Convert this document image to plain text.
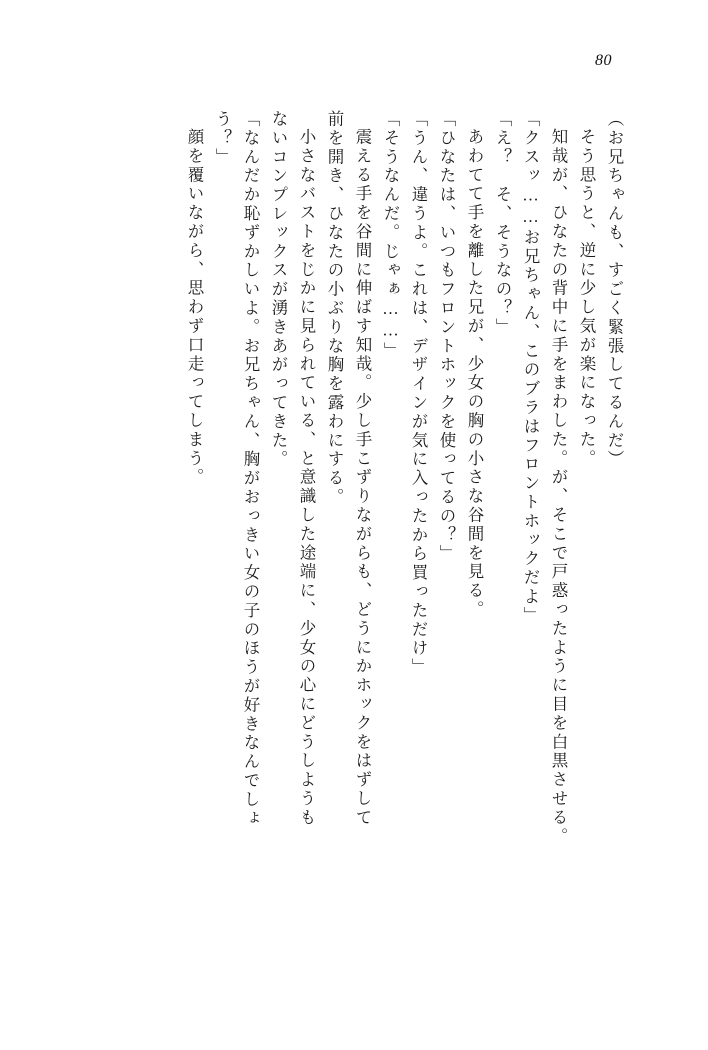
80
（お兄ちゃんも、すごく緊張してるんだ）
そう思うと、逆に少し気が楽になった。
知哉が、ひなたの背中に手をまわした。が、そこで戸惑ったように目を白黒させる。
「クスッ……お兄ちゃん、このブラはフロントホックだよ」
「え？　そ、そうなの？」
あわてて手を離した兄が、少女の胸の小さな谷間を見る。
「ひなたは、いつもフロントホックを使ってるの？」
「うん、違うよ。これは、デザインが気に入ったから買っただけ」
「そうなんだ。じゃぁ……」
震える手を谷間に伸ばす知哉。少し手こずりながらも、どうにかホックをはずして
前を開き、ひなたの小ぶりな胸を露わにする。
小さなバストをじかに見られている、と意識した途端に、少女の心にどうしようも
ないコンプレックスが湧きあがってきた。
「なんだか恥ずかしいよ。お兄ちゃん、胸がおっきい女の子のほうが好きなんでしょ
う？」
顔を覆いながら、思わず口走ってしまう。
